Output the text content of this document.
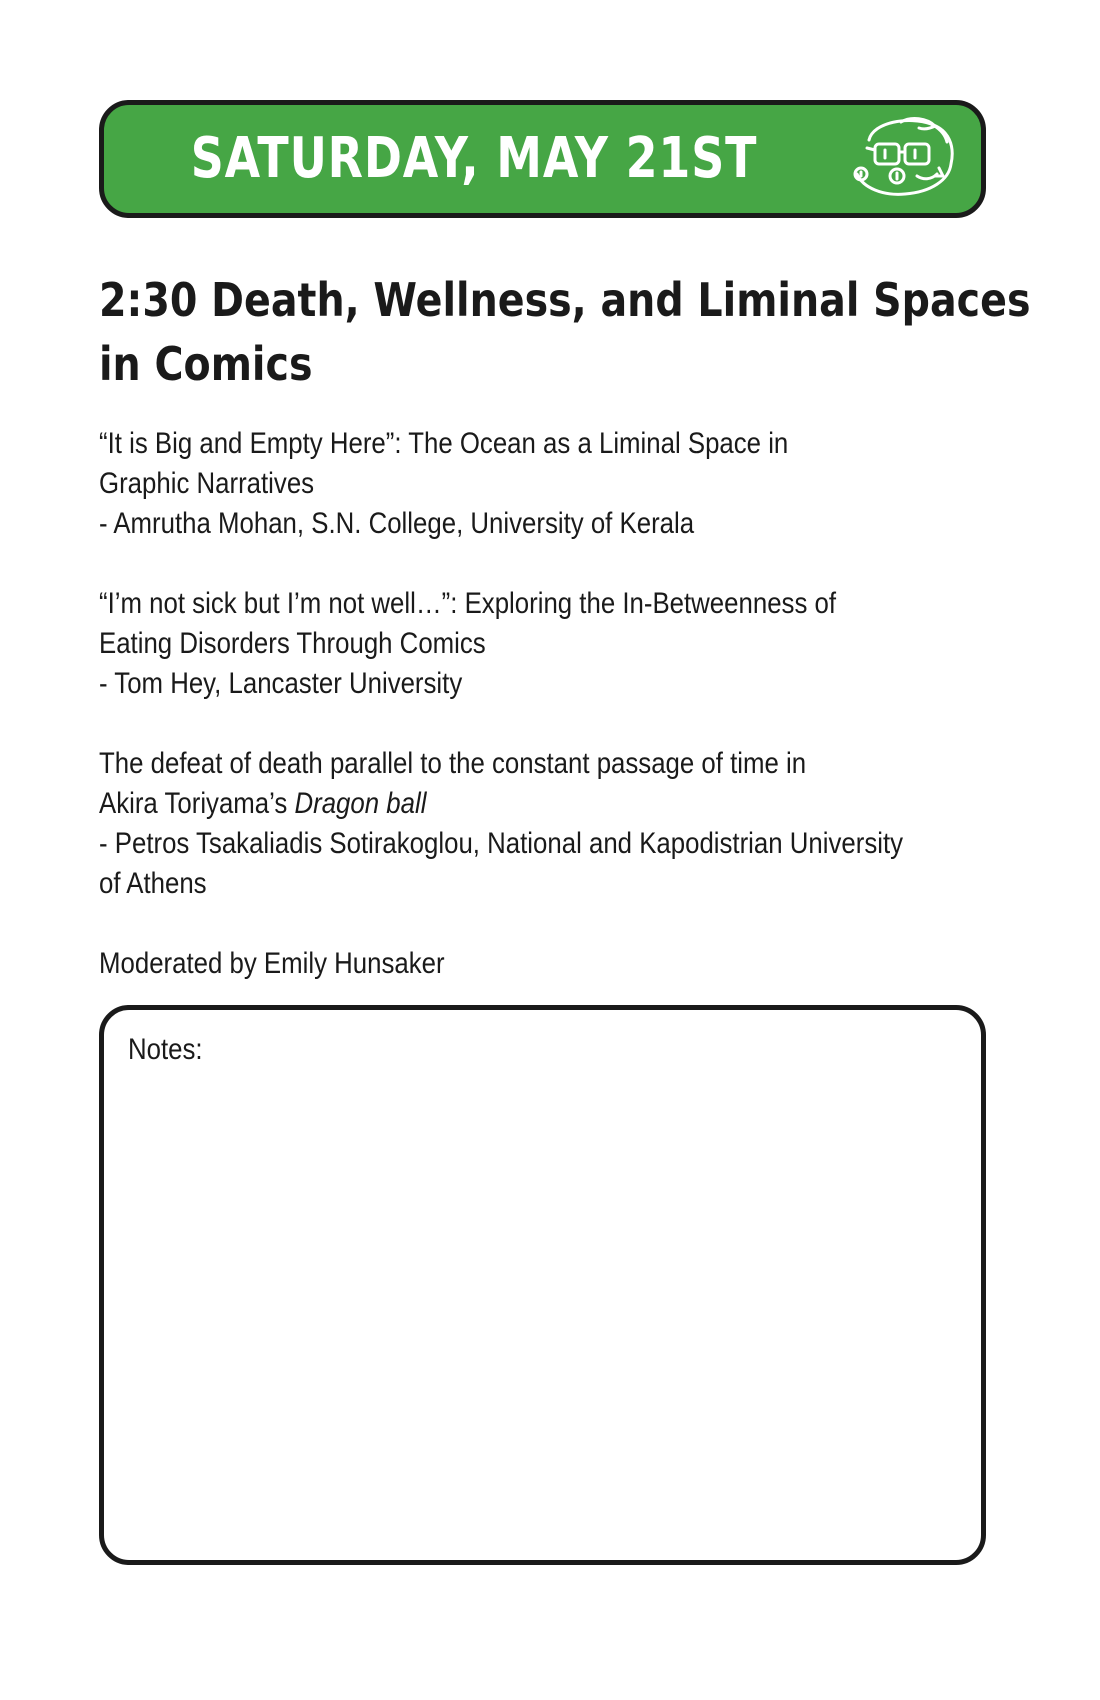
SATURDAY, MAY 21ST
2:30 Death, Wellness, and Liminal Spaces
in Comics
“It is Big and Empty Here”: The Ocean as a Liminal Space in
Graphic Narratives
- Amrutha Mohan, S.N. College, University of Kerala
“I’m not sick but I’m not well…”: Exploring the In-Betweenness of
Eating Disorders Through Comics
- Tom Hey, Lancaster University
The defeat of death parallel to the constant passage of time in
Akira Toriyama’s Dragon ball
- Petros Tsakaliadis Sotirakoglou, National and Kapodistrian University
of Athens
Moderated by Emily Hunsaker
Notes:
